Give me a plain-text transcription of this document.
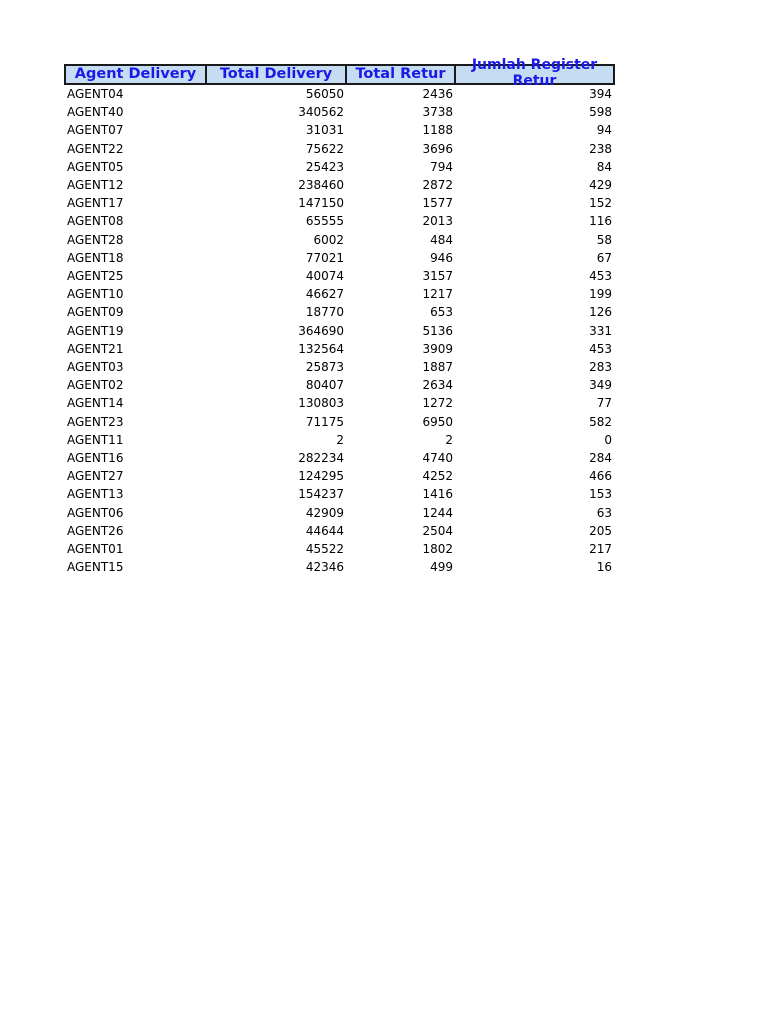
Agent Delivery	Total Delivery	Total Retur	Jumlah Register Retur

AGENT04	56050	2436	394
AGENT40	340562	3738	598
AGENT07	31031	1188	94
AGENT22	75622	3696	238
AGENT05	25423	794	84
AGENT12	238460	2872	429
AGENT17	147150	1577	152
AGENT08	65555	2013	116
AGENT28	6002	484	58
AGENT18	77021	946	67
AGENT25	40074	3157	453
AGENT10	46627	1217	199
AGENT09	18770	653	126
AGENT19	364690	5136	331
AGENT21	132564	3909	453
AGENT03	25873	1887	283
AGENT02	80407	2634	349
AGENT14	130803	1272	77
AGENT23	71175	6950	582
AGENT11	2	2	0
AGENT16	282234	4740	284
AGENT27	124295	4252	466
AGENT13	154237	1416	153
AGENT06	42909	1244	63
AGENT26	44644	2504	205
AGENT01	45522	1802	217
AGENT15	42346	499	16
